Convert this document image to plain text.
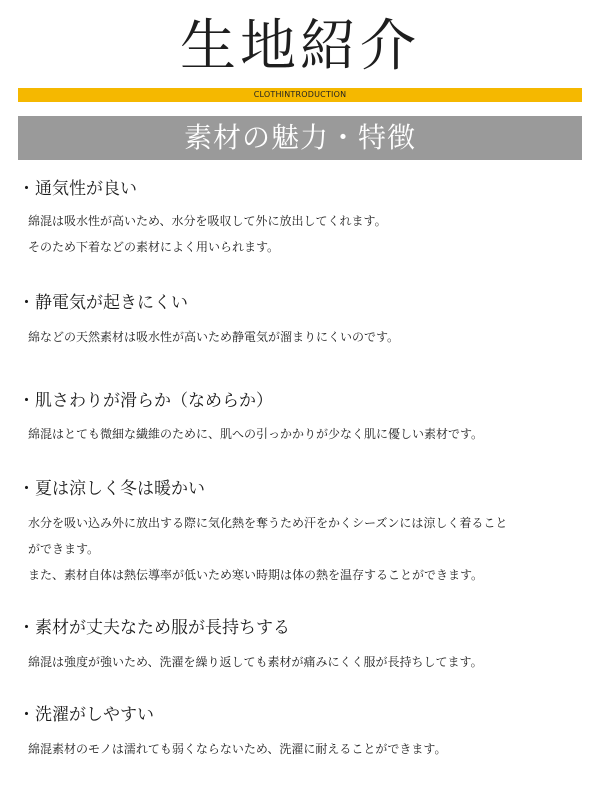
生地紹介
CLOTHINTRODUCTION
素材の魅力・特徴
・通気性が良い
綿混は吸水性が高いため、水分を吸収して外に放出してくれます。
そのため下着などの素材によく用いられます。
・静電気が起きにくい
綿などの天然素材は吸水性が高いため静電気が溜まりにくいのです。
・肌さわりが滑らか（なめらか）
綿混はとても微細な繊維のために、肌への引っかかりが少なく肌に優しい素材です。
・夏は涼しく冬は暖かい
水分を吸い込み外に放出する際に気化熱を奪うため汗をかくシーズンには涼しく着ること
ができます。
また、素材自体は熱伝導率が低いため寒い時期は体の熱を温存することができます。
・素材が丈夫なため服が長持ちする
綿混は強度が強いため、洗濯を繰り返しても素材が痛みにくく服が長持ちしてます。
・洗濯がしやすい
綿混素材のモノは濡れても弱くならないため、洗濯に耐えることができます。
